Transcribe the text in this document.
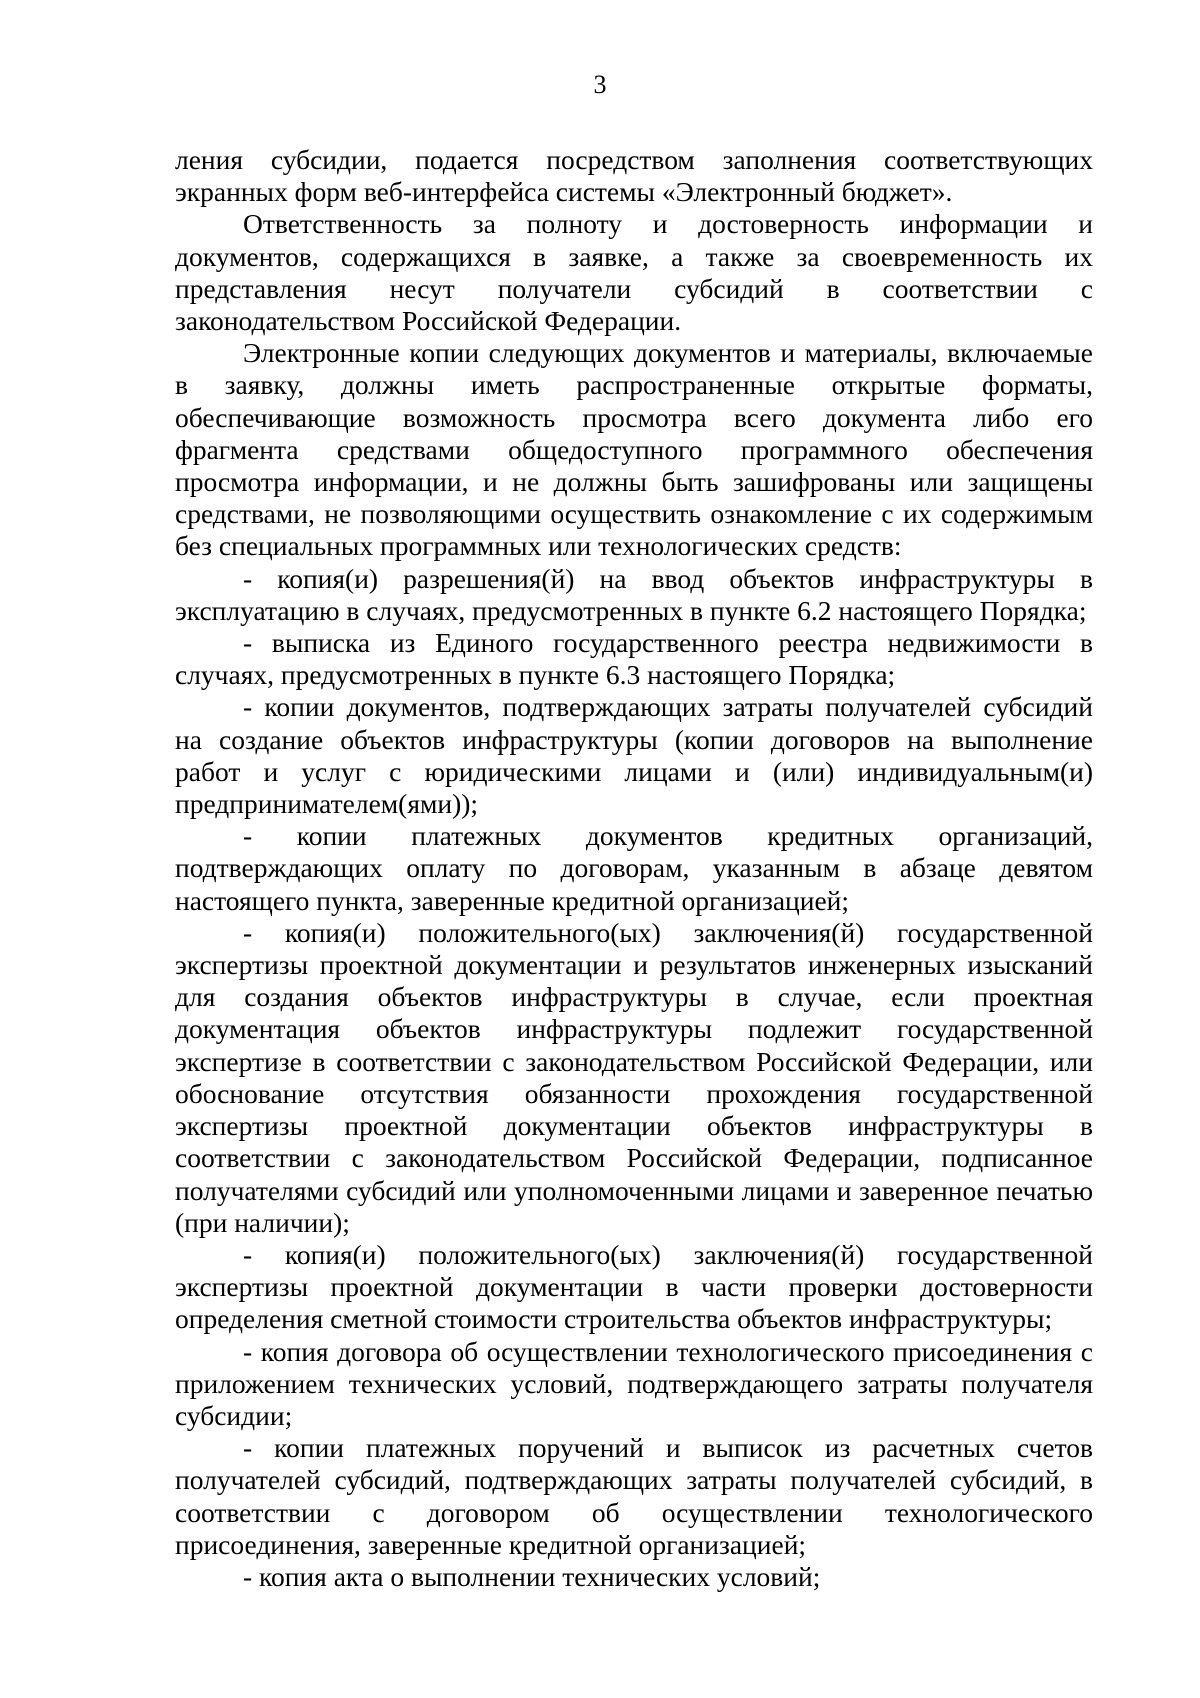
3

ления субсидии, подается посредством заполнения соответствующих экранных форм веб-интерфейса системы «Электронный бюджет».

Ответственность за полноту и достоверность информации и документов, содержащихся в заявке, а также за своевременность их представления несут получатели субсидий в соответствии с законодательством Российской Федерации.

Электронные копии следующих документов и материалы, включаемые в заявку, должны иметь распространенные открытые форматы, обеспечивающие возможность просмотра всего документа либо его фрагмента средствами общедоступного программного обеспечения просмотра информации, и не должны быть зашифрованы или защищены средствами, не позволяющими осуществить ознакомление с их содержимым без специальных программных или технологических средств:

- копия(и) разрешения(й) на ввод объектов инфраструктуры в эксплуатацию в случаях, предусмотренных в пункте 6.2 настоящего Порядка;

- выписка из Единого государственного реестра недвижимости в случаях, предусмотренных в пункте 6.3 настоящего Порядка;

- копии документов, подтверждающих затраты получателей субсидий на создание объектов инфраструктуры (копии договоров на выполнение работ и услуг с юридическими лицами и (или) индивидуальным(и) предпринимателем(ями));

- копии платежных документов кредитных организаций, подтверждающих оплату по договорам, указанным в абзаце девятом настоящего пункта, заверенные кредитной организацией;

- копия(и) положительного(ых) заключения(й) государственной экспертизы проектной документации и результатов инженерных изысканий для создания объектов инфраструктуры в случае, если проектная документация объектов инфраструктуры подлежит государственной экспертизе в соответствии с законодательством Российской Федерации, или обоснование отсутствия обязанности прохождения государственной экспертизы проектной документации объектов инфраструктуры в соответствии с законодательством Российской Федерации, подписанное получателями субсидий или уполномоченными лицами и заверенное печатью (при наличии);

- копия(и) положительного(ых) заключения(й) государственной экспертизы проектной документации в части проверки достоверности определения сметной стоимости строительства объектов инфраструктуры;

- копия договора об осуществлении технологического присоединения с приложением технических условий, подтверждающего затраты получателя субсидии;

- копии платежных поручений и выписок из расчетных счетов получателей субсидий, подтверждающих затраты получателей субсидий, в соответствии с договором об осуществлении технологического присоединения, заверенные кредитной организацией;

- копия акта о выполнении технических условий;
